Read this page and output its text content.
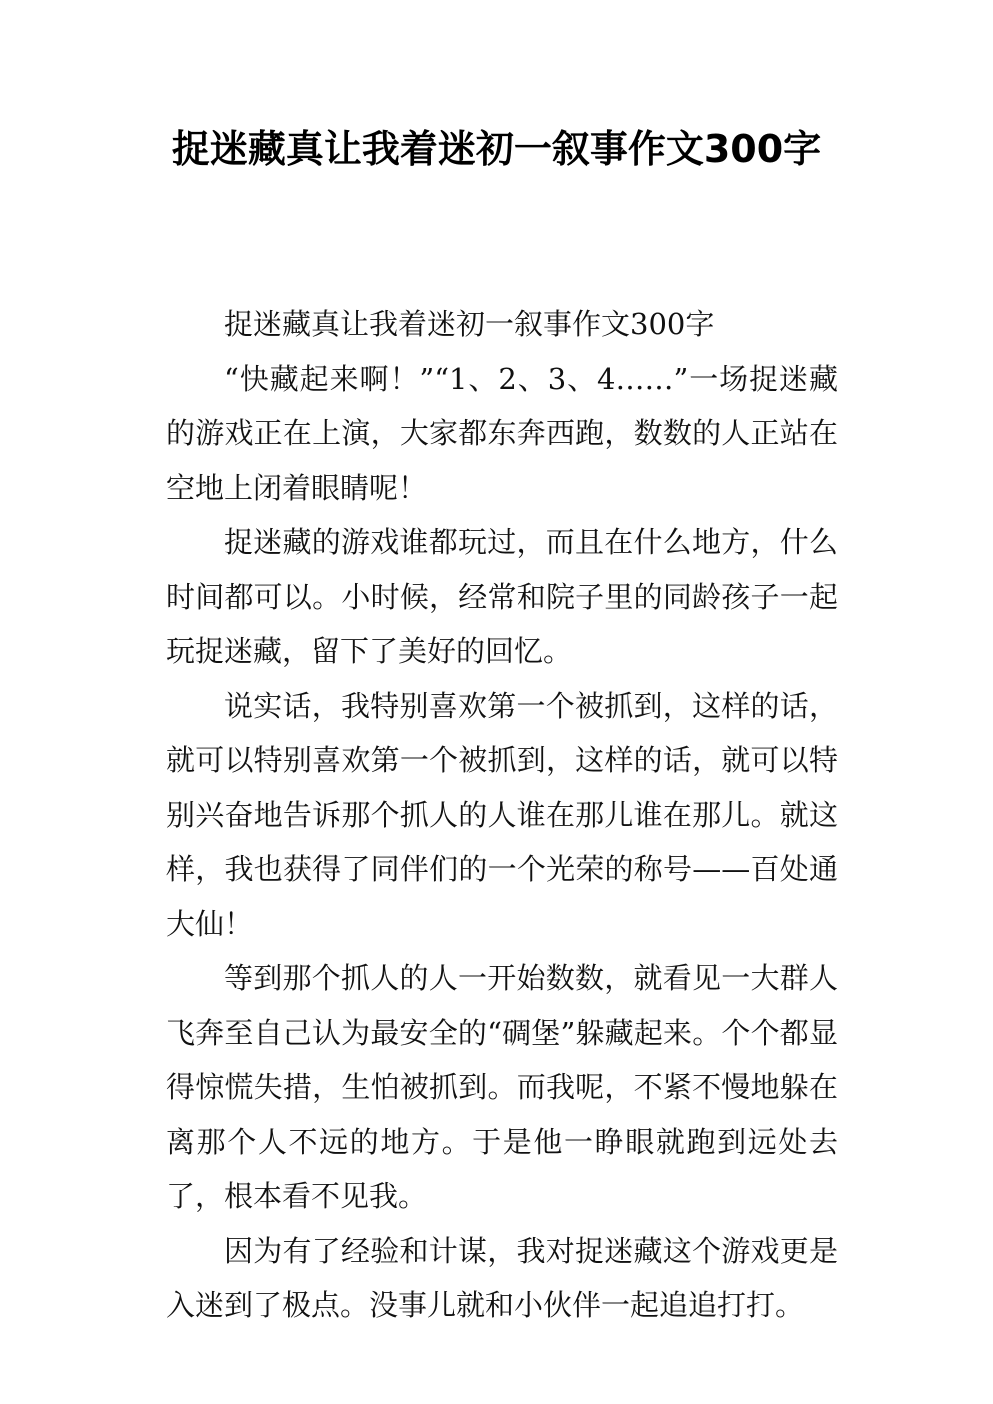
捉迷藏真让我着迷初一叙事作文300字

捉迷藏真让我着迷初一叙事作文300字

“快藏起来啊！”“1、2、3、4……”一场捉迷藏的游戏正在上演，大家都东奔西跑，数数的人正站在空地上闭着眼睛呢！

捉迷藏的游戏谁都玩过，而且在什么地方，什么时间都可以。小时候，经常和院子里的同龄孩子一起玩捉迷藏，留下了美好的回忆。

说实话，我特别喜欢第一个被抓到，这样的话，就可以特别喜欢第一个被抓到，这样的话，就可以特别兴奋地告诉那个抓人的人谁在那儿谁在那儿。就这样，我也获得了同伴们的一个光荣的称号——百处通大仙！

等到那个抓人的人一开始数数，就看见一大群人飞奔至自己认为最安全的“碉堡”躲藏起来。个个都显得惊慌失措，生怕被抓到。而我呢，不紧不慢地躲在离那个人不远的地方。于是他一睁眼就跑到远处去了，根本看不见我。

因为有了经验和计谋，我对捉迷藏这个游戏更是入迷到了极点。没事儿就和小伙伴一起追追打打。
